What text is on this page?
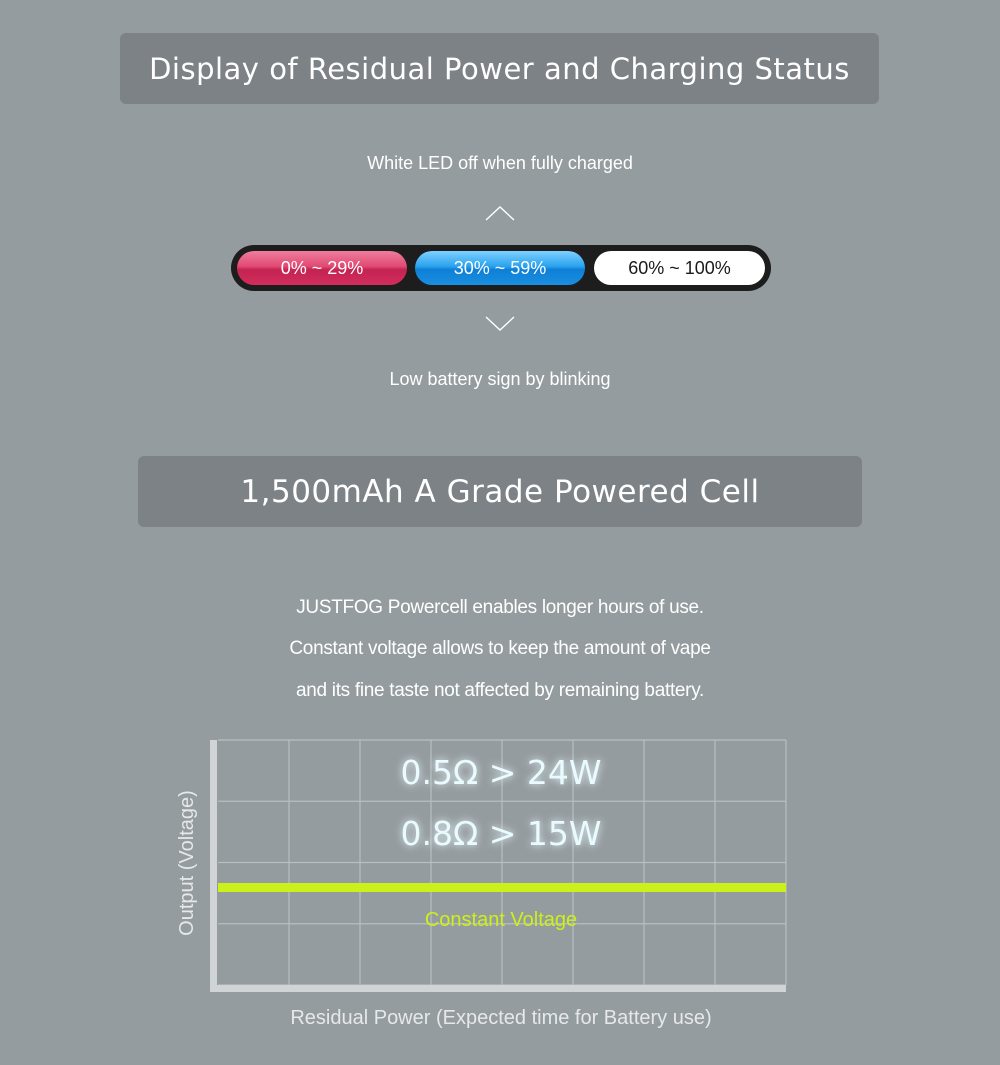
Display of Residual Power and Charging Status
White LED off when fully charged
0% ~ 29%	30% ~ 59%	60% ~ 100%
Low battery sign by blinking
1,500mAh A Grade Powered Cell
JUSTFOG Powercell enables longer hours of use.
Constant voltage allows to keep the amount of vape
and its fine taste not affected by remaining battery.
Constant Voltage
0.5Ω > 24W
0.8Ω > 15W
Output (Voltage)
Residual Power (Expected time for Battery use)
